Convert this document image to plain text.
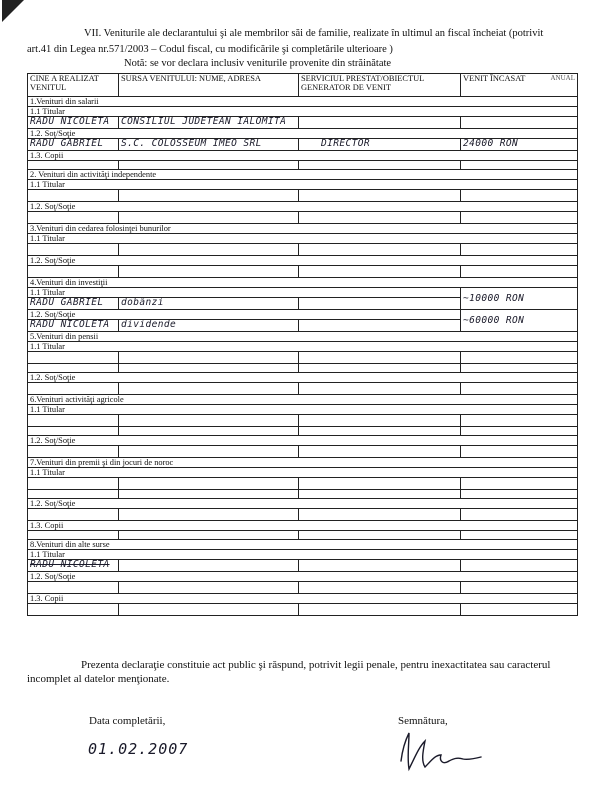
VII. Veniturile ale declarantului şi ale membrilor săi de familie, realizate în ultimul an fiscal încheiat (potrivit
art.41 din Legea nr.571/2003 – Codul fiscal, cu modificările şi completările ulterioare )
Notă: se vor declara inclusiv veniturile provenite din străinătate
CINE A REALIZAT VENITUL	SURSA VENITULUI: NUME, ADRESA	SERVICIUL PRESTAT/OBIECTUL GENERATOR DE VENIT	VENIT ÎNCASAT ANUAL

1.Venituri din salarii			
1.1 Titular			
RADU NICOLETA	CONSILIUL JUDETEAN IALOMITA		
1.2. Soţ/Soţie			
RADU GABRIEL	S.C. COLOSSEUM IMEO SRL	DIRECTOR	24000 RON
1.3. Copii			

2. Venituri din activităţi independente			
1.1 Titular			

1.2. Soţ/Soţie			

3.Venituri din cedarea folosinţei bunurilor			
1.1 Titular			

1.2. Soţ/Soţie			

4.Venituri din investiţii			
1.1 Titular			~10000 RON
RADU GABRIEL	dobânzi		
1.2. Soţ/Soţie			~60000 RON
RADU NICOLETA	dividende		
5.Venituri din pensii			
1.1 Titular			

1.2. Soţ/Soţie			

6.Venituri activităţi agricole			
1.1 Titular			

1.2. Soţ/Soţie			

7.Venituri din premii şi din jocuri de noroc			
1.1 Titular			

1.2. Soţ/Soţie			

1.3. Copii			

8.Venituri din alte surse			
1.1 Titular			
RADU NICOLETA			
1.2. Soţ/Soţie			

1.3. Copii			

Prezenta declaraţie constituie act public şi răspund, potrivit legii penale, pentru inexactitatea sau caracterul incomplet al datelor menţionate.
Data completării,	Semnătura,
01.02.2007
